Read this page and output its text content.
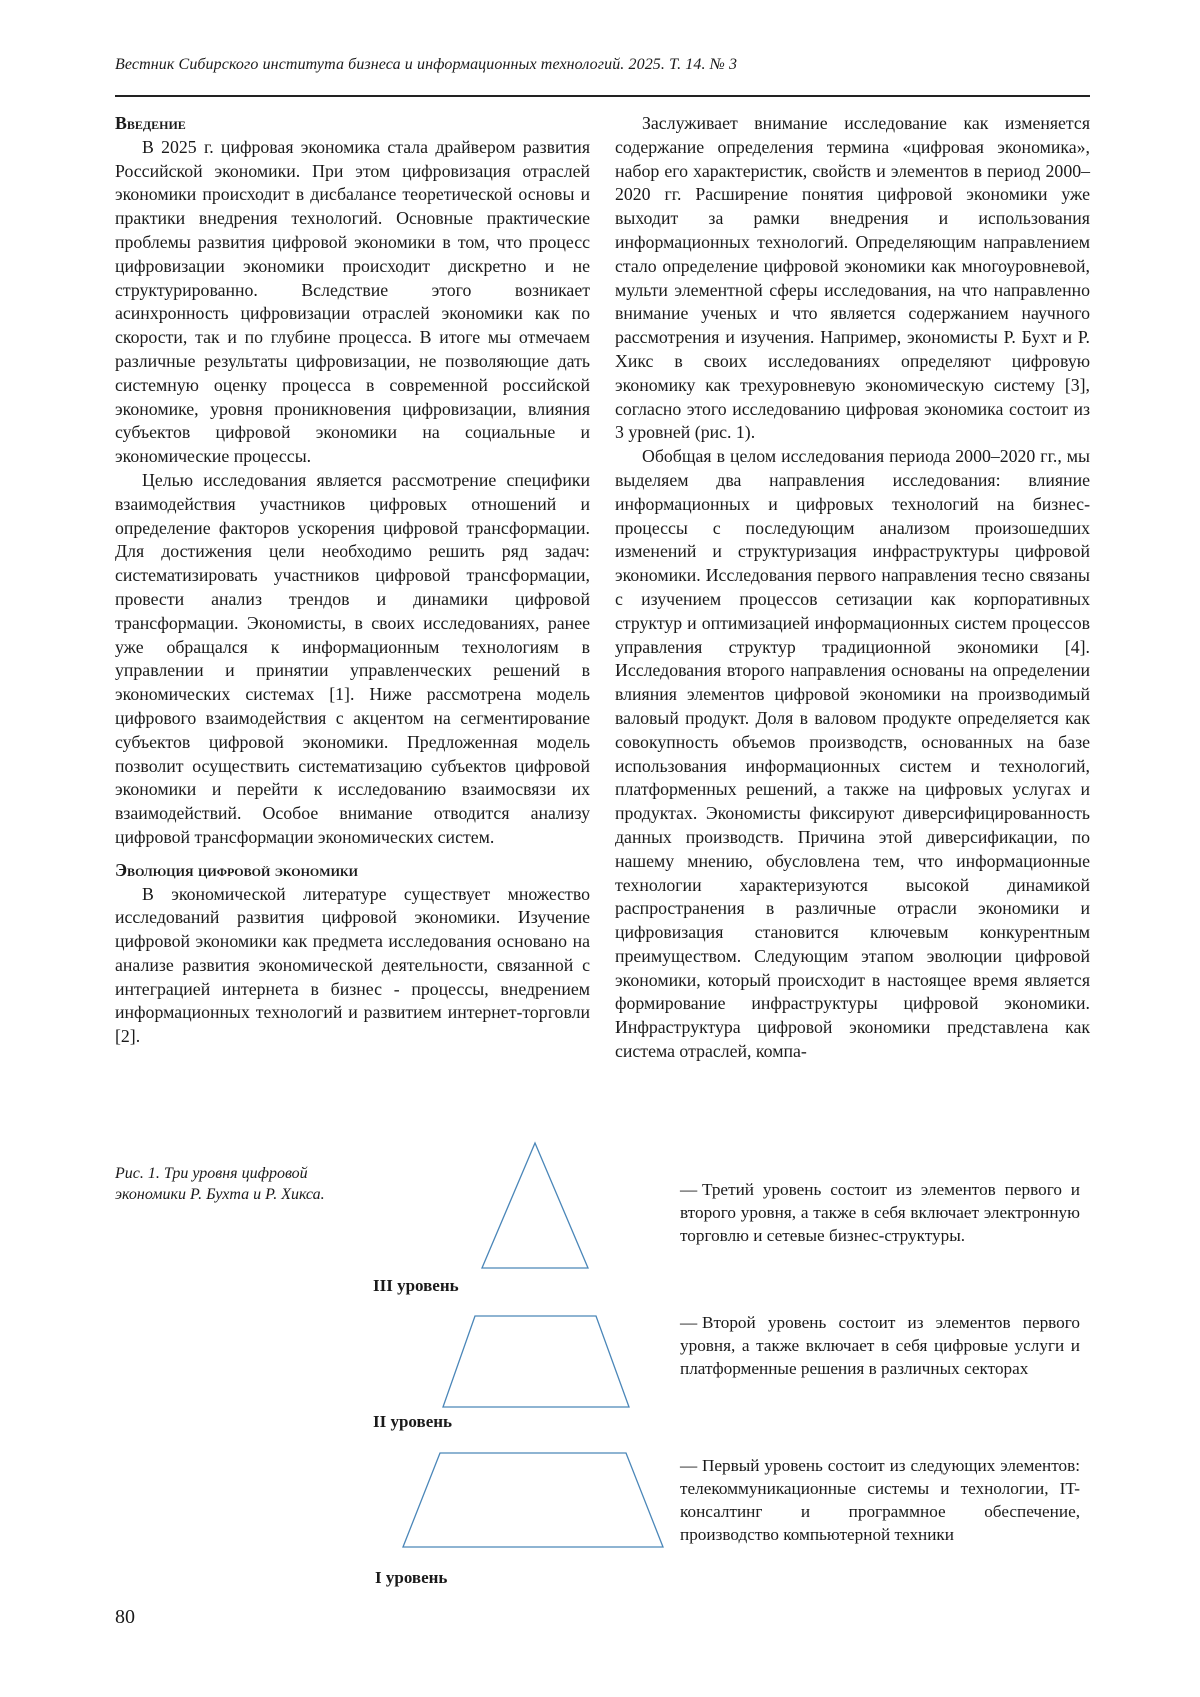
Вестник Сибирского института бизнеса и информационных технологий. 2025. Т. 14. № 3
Введение

В 2025 г. цифровая экономика стала драйвером развития Российской экономики. При этом цифровизация отраслей экономики происходит в дисбалансе теоретической основы и практики внедрения технологий. Основные практические проблемы развития цифровой экономики в том, что процесс цифровизации экономики происходит дискретно и не структурированно. Вследствие этого возникает асинхронность цифровизации отраслей экономики как по скорости, так и по глубине процесса. В итоге мы отмечаем различные результаты цифровизации, не позволяющие дать системную оценку процесса в современной российской экономике, уровня проникновения цифровизации, влияния субъектов цифровой экономики на социальные и экономические процессы.

Целью исследования является рассмотрение специфики взаимодействия участников цифровых отношений и определение факторов ускорения цифровой трансформации. Для достижения цели необходимо решить ряд задач: систематизировать участников цифровой трансформации, провести анализ трендов и динамики цифровой трансформации. Экономисты, в своих исследованиях, ранее уже обращался к информационным технологиям в управлении и принятии управленческих решений в экономических системах [1]. Ниже рассмотрена модель цифрового взаимодействия с акцентом на сегментирование субъектов цифровой экономики. Предложенная модель позволит осуществить систематизацию субъектов цифровой экономики и перейти к исследованию взаимосвязи их взаимодействий. Особое внимание отводится анализу цифровой трансформации экономических систем.

Эволюция цифровой экономики

В экономической литературе существует множество исследований развития цифровой экономики. Изучение цифровой экономики как предмета исследования основано на анализе развития экономической деятельности, связанной с интеграцией интернета в бизнес - процессы, внедрением информационных технологий и развитием интернет-торговли [2].

Заслуживает внимание исследование как изменяется содержание определения термина «цифровая экономика», набор его характеристик, свойств и элементов в период 2000–2020 гг. Расширение понятия цифровой экономики уже выходит за рамки внедрения и использования информационных технологий. Определяющим направлением стало определение цифровой экономики как многоуровневой, мульти элементной сферы исследования, на что направленно внимание ученых и что является содержанием научного рассмотрения и изучения. Например, экономисты Р. Бухт и Р. Хикс в своих исследованиях определяют цифровую экономику как трехуровневую экономическую систему [3], согласно этого исследованию цифровая экономика состоит из 3 уровней (рис. 1).

Обобщая в целом исследования периода 2000–2020 гг., мы выделяем два направления исследования: влияние информационных и цифровых технологий на бизнес-процессы с последующим анализом произошедших изменений и структуризация инфраструктуры цифровой экономики. Исследования первого направления тесно связаны с изучением процессов сетизации как корпоративных структур и оптимизацией информационных систем процессов управления структур традиционной экономики [4]. Исследования второго направления основаны на определении влияния элементов цифровой экономики на производимый валовый продукт. Доля в валовом продукте определяется как совокупность объемов производств, основанных на базе использования информационных систем и технологий, платформенных решений, а также на цифровых услугах и продуктах. Экономисты фиксируют диверсифицированность данных производств. Причина этой диверсификации, по нашему мнению, обусловлена тем, что информационные технологии характеризуются высокой динамикой распространения в различные отрасли экономики и цифровизация становится ключевым конкурентным преимуществом. Следующим этапом эволюции цифровой экономики, который происходит в настоящее время является формирование инфраструктуры цифровой экономики. Инфраструктура цифровой экономики представлена как система отраслей, компа-

Рис. 1. Три уровня цифровой экономики Р. Бухта и Р. Хикса.
III уровень
— Третий уровень состоит из элементов первого и второго уровня, а также в себя включает электронную торговлю и сетевые бизнес-структуры.
II уровень
— Второй уровень состоит из элементов первого уровня, а также включает в себя цифровые услуги и платформенные решения в различных секторах
I уровень
— Первый уровень состоит из следующих элементов: телекоммуникационные системы и технологии, IT-консалтинг и программное обеспечение, производство компьютерной техники
80
